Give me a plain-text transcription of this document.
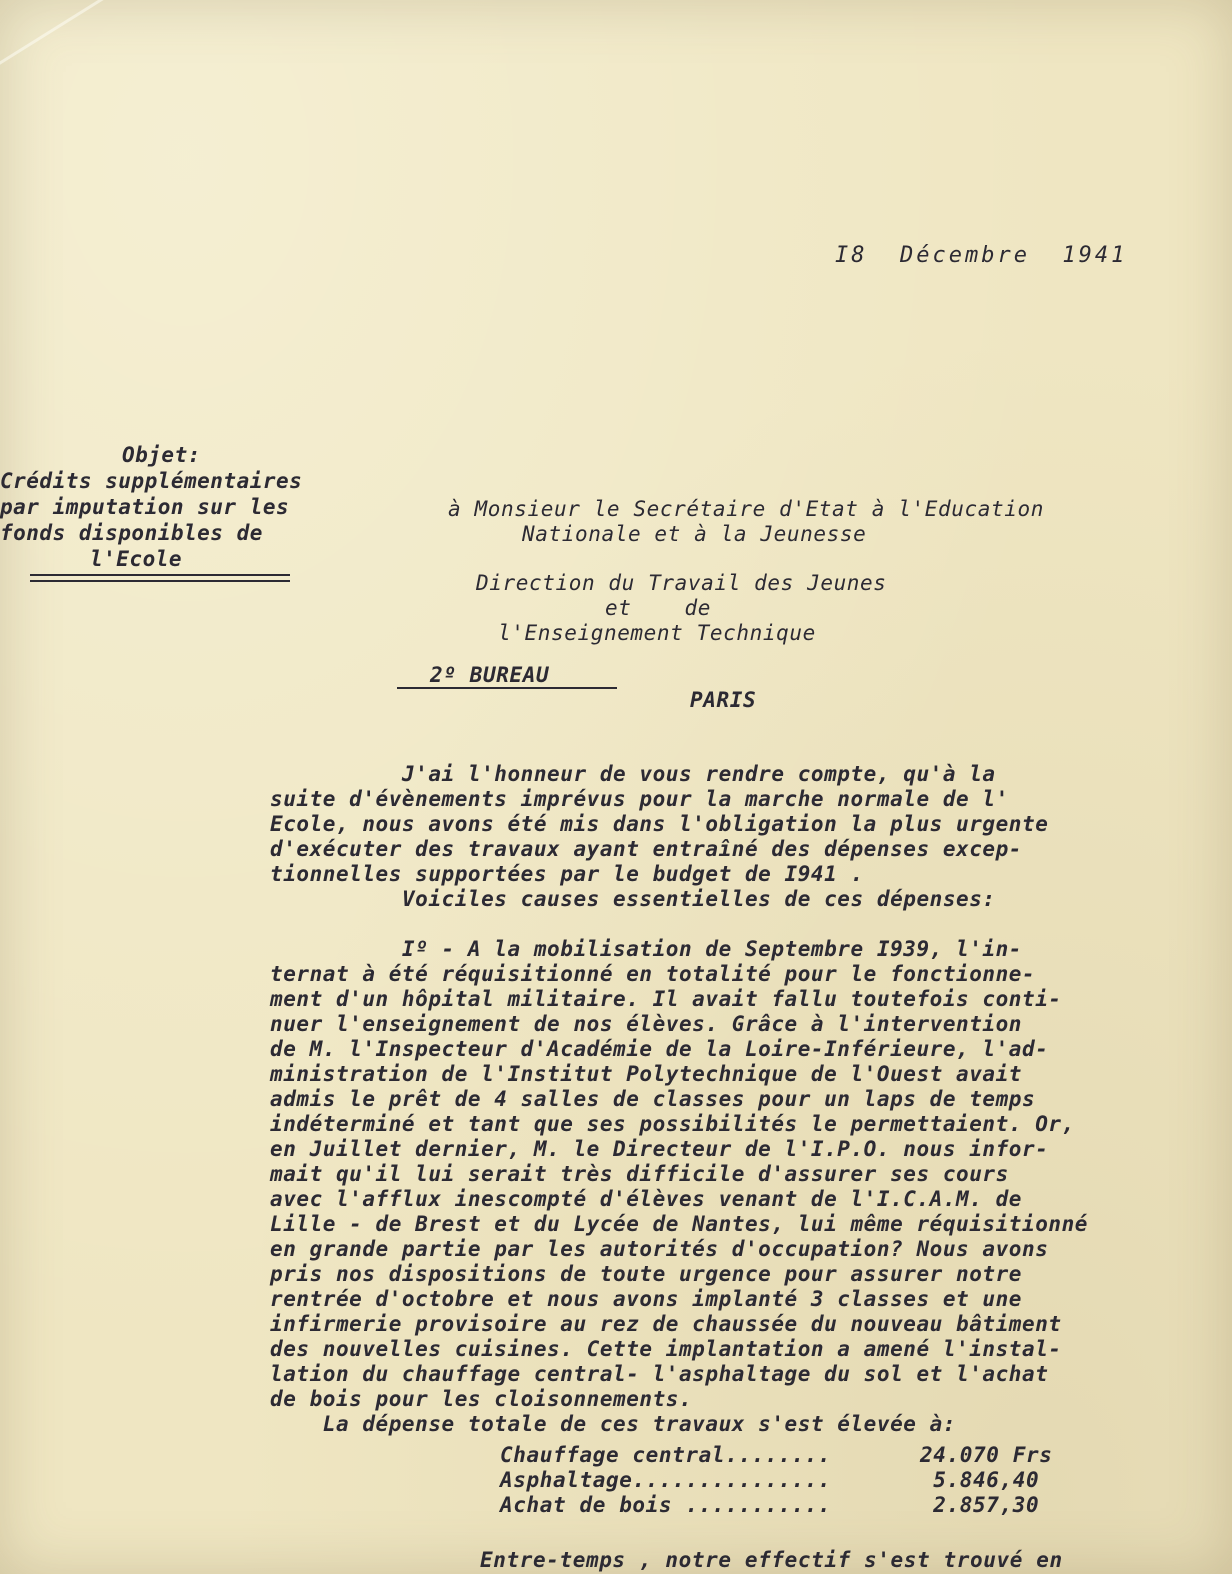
I8  Décembre  1941
Objet:
Crédits supplémentaires
par imputation sur les
fonds disponibles de
l'Ecole
à Monsieur le Secrétaire d'Etat à l'Education
Nationale et à la Jeunesse
Direction du Travail des Jeunes
et    de
l'Enseignement Technique
2º BUREAU
PARIS
J'ai l'honneur de vous rendre compte, qu'à la
suite d'évènements imprévus pour la marche normale de l'
Ecole, nous avons été mis dans l'obligation la plus urgente
d'exécuter des travaux ayant entraîné des dépenses excep-
tionnelles supportées par le budget de I941 .
Voiciles causes essentielles de ces dépenses:

Iº - A la mobilisation de Septembre I939, l'in-
ternat à été réquisitionné en totalité pour le fonctionne-
ment d'un hôpital militaire. Il avait fallu toutefois conti-
nuer l'enseignement de nos élèves. Grâce à l'intervention
de M. l'Inspecteur d'Académie de la Loire-Inférieure, l'ad-
ministration de l'Institut Polytechnique de l'Ouest avait
admis le prêt de 4 salles de classes pour un laps de temps
indéterminé et tant que ses possibilités le permettaient. Or,
en Juillet dernier, M. le Directeur de l'I.P.O. nous infor-
mait qu'il lui serait très difficile d'assurer ses cours
avec l'afflux inescompté d'élèves venant de l'I.C.A.M. de
Lille - de Brest et du Lycée de Nantes, lui même réquisitionné
en grande partie par les autorités d'occupation? Nous avons
pris nos dispositions de toute urgence pour assurer notre
rentrée d'octobre et nous avons implanté 3 classes et une
infirmerie provisoire au rez de chaussée du nouveau bâtiment
des nouvelles cuisines. Cette implantation a amené l'instal-
lation du chauffage central- l'asphaltage du sol et l'achat
de bois pour les cloisonnements.
La dépense totale de ces travaux s'est élevée à:
Chauffage central........	24.070 Frs
Asphaltage...............	5.846,40
Achat de bois ...........	2.857,30
Entre-temps , notre effectif s'est trouvé en
